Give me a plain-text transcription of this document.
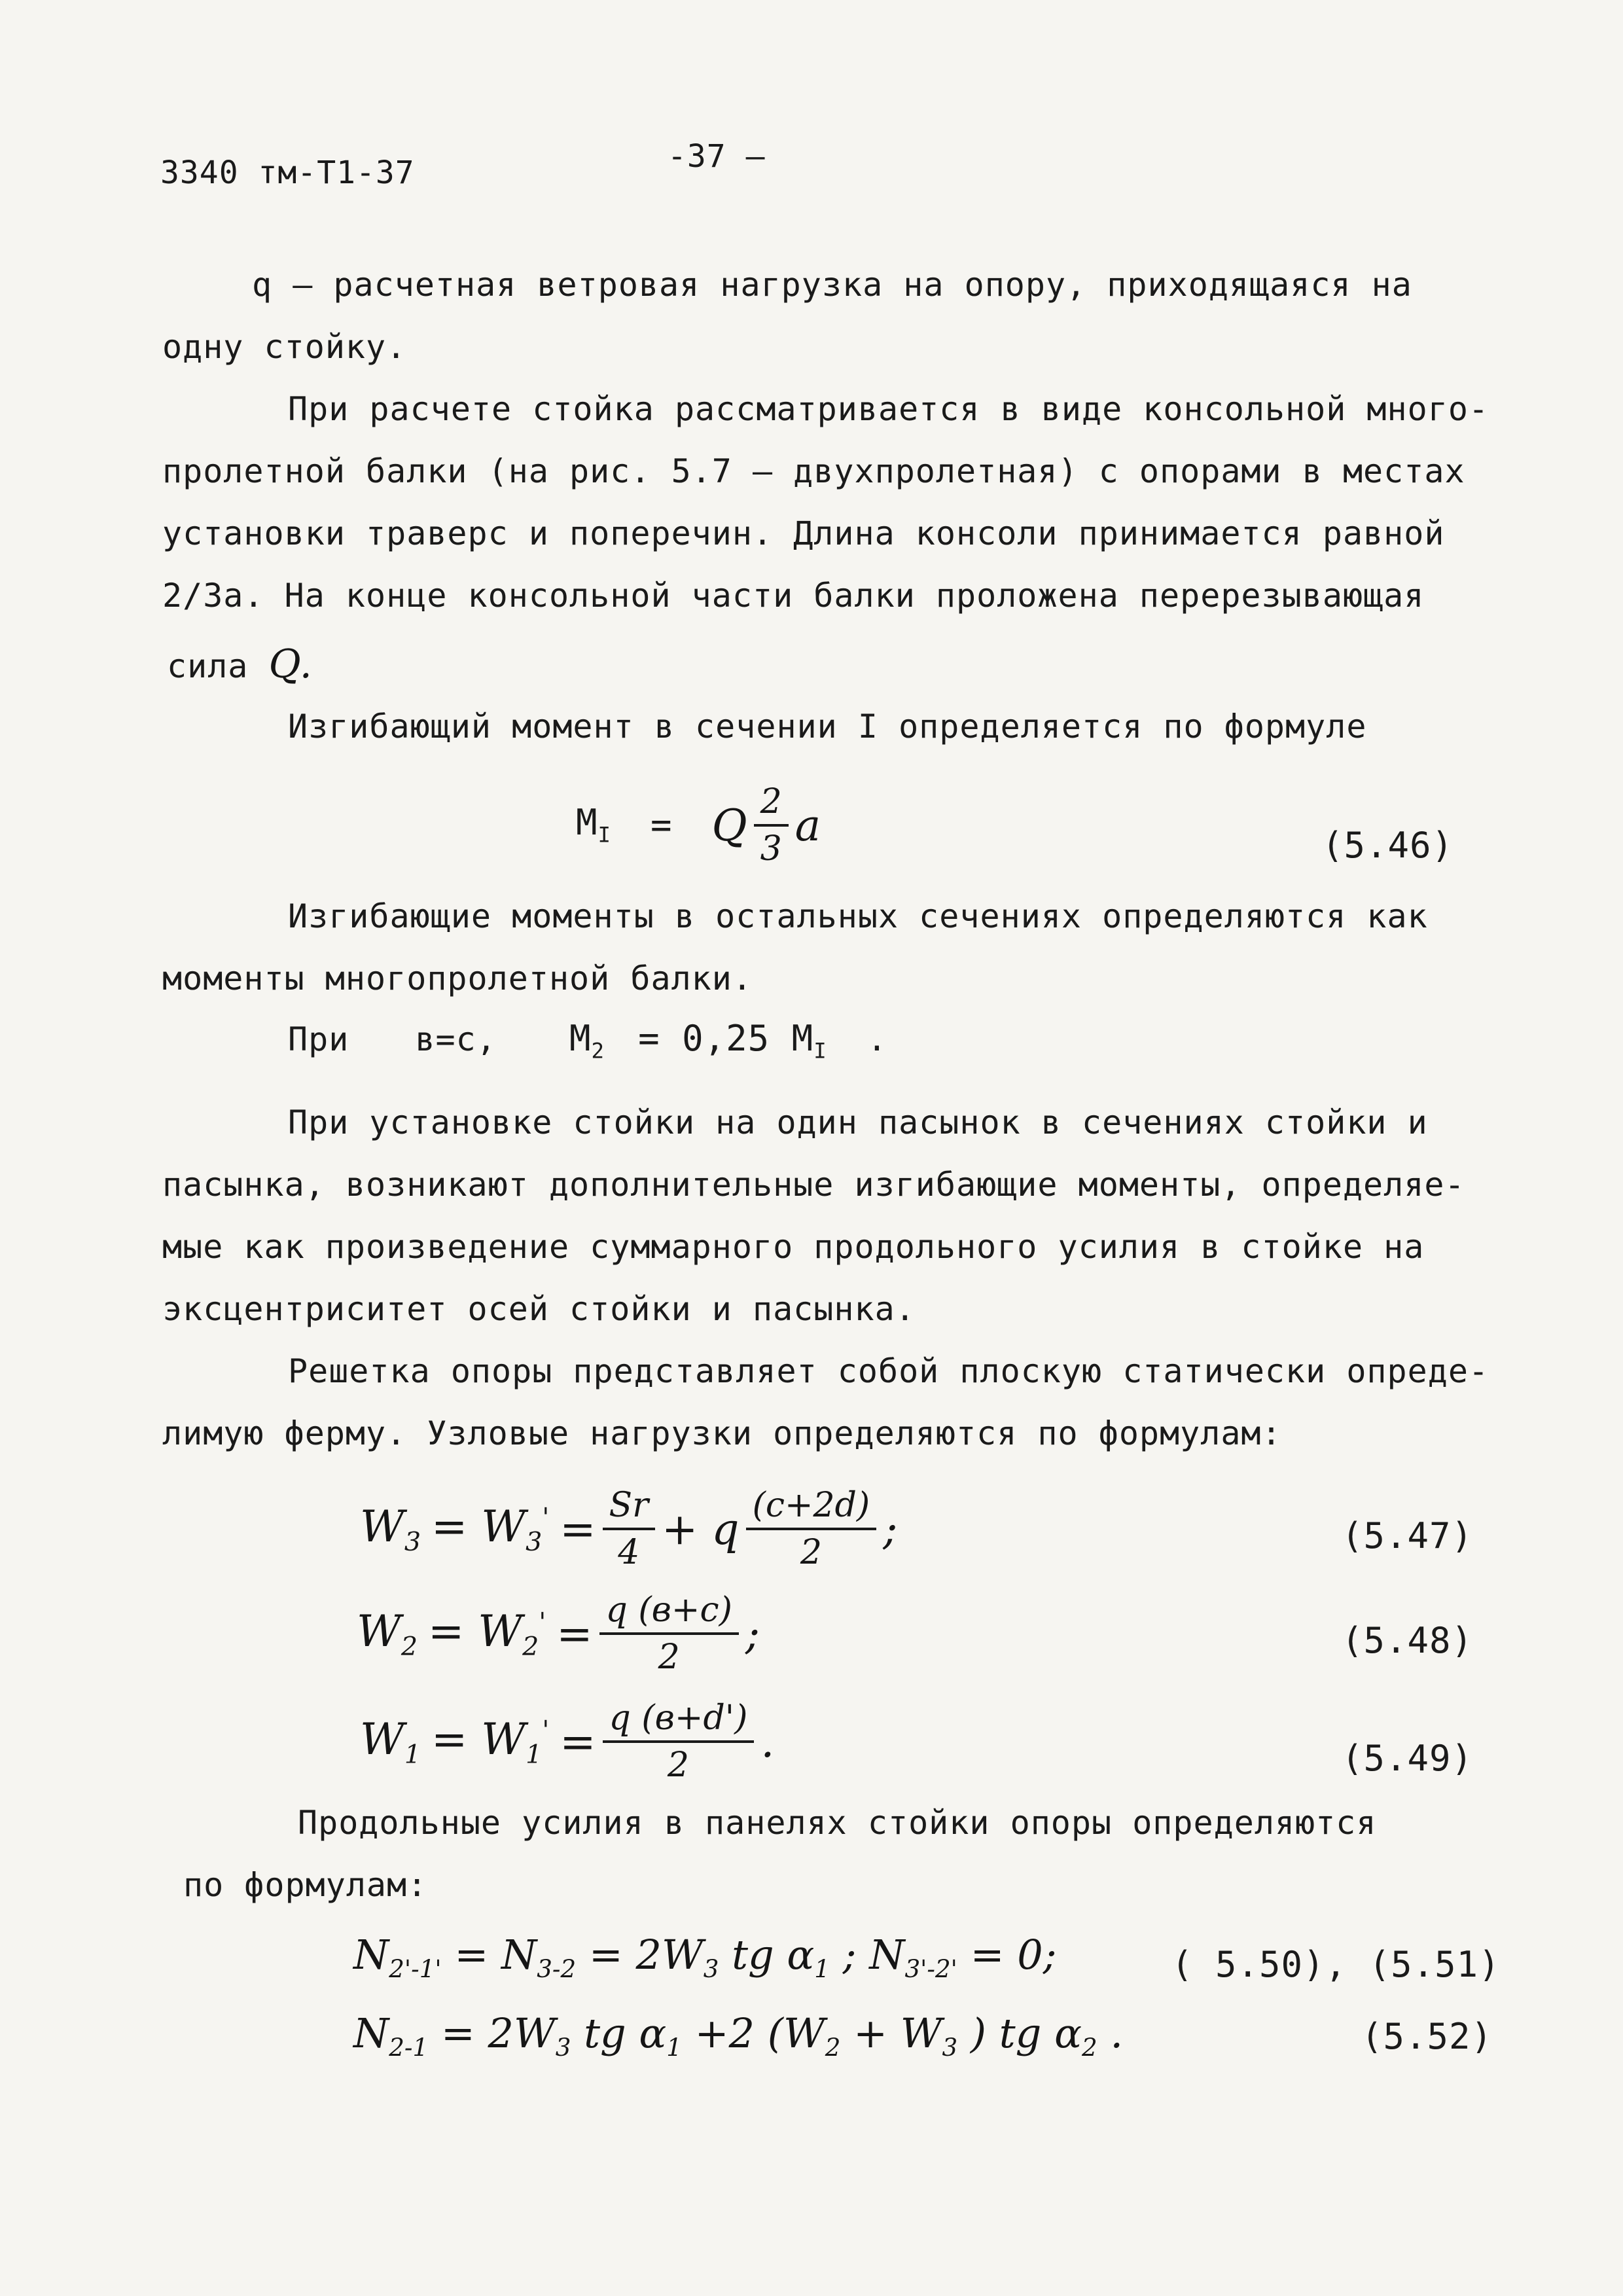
3340 тм-Т1-37	-37 –
q – расчетная ветровая нагрузка на опору, приходящаяся на
одну стойку.
При расчете стойка рассматривается в виде консольной много-
пролетной балки (на рис. 5.7 – двухпролетная) с опорами в местах
установки траверс и поперечин. Длина консоли принимается равной
2/3а. На конце консольной части балки проложена перерезывающая
сила Q.
Изгибающий момент в сечении I определяется по формуле
$M_I = Q \frac{2}{3}$ a	(5.46)
Изгибающие моменты в остальных сечениях определяются как
моменты многопролетной балки.
При в=с, $M_2 = 0,25$ $M_I$ .
При установке стойки на один пасынок в сечениях стойки и
пасынка, возникают дополнительные изгибающие моменты, определяе-
мые как произведение суммарного продольного усилия в стойке на
эксцентриситет осей стойки и пасынка.
Решетка опоры представляет собой плоскую статически опреде-
лимую ферму. Узловые нагрузки определяются по формулам:
$W_3 = W_3' = \frac{Sr}{4} + q \frac{(c+2d)}{2}$ ;	(5.47)
$W_2 = W_2' = \frac{q (в+с)}{2}$ ;	(5.48)
$W_1 = W_1' = \frac{q (в+d')}{2}$ .	(5.49)
Продольные усилия в панелях стойки опоры определяются
по формулам:
$N_{2'-1'} = N_{3-2} = 2W_3$ tg $\alpha_1$ ; $N_{3'-2'} = 0$;	( 5.50), (5.51)
$N_{2-1} = 2W_3$ tg $\alpha_1 +2$ ($W_2 + W_3$ ) tg $\alpha_2$ .	(5.52)
